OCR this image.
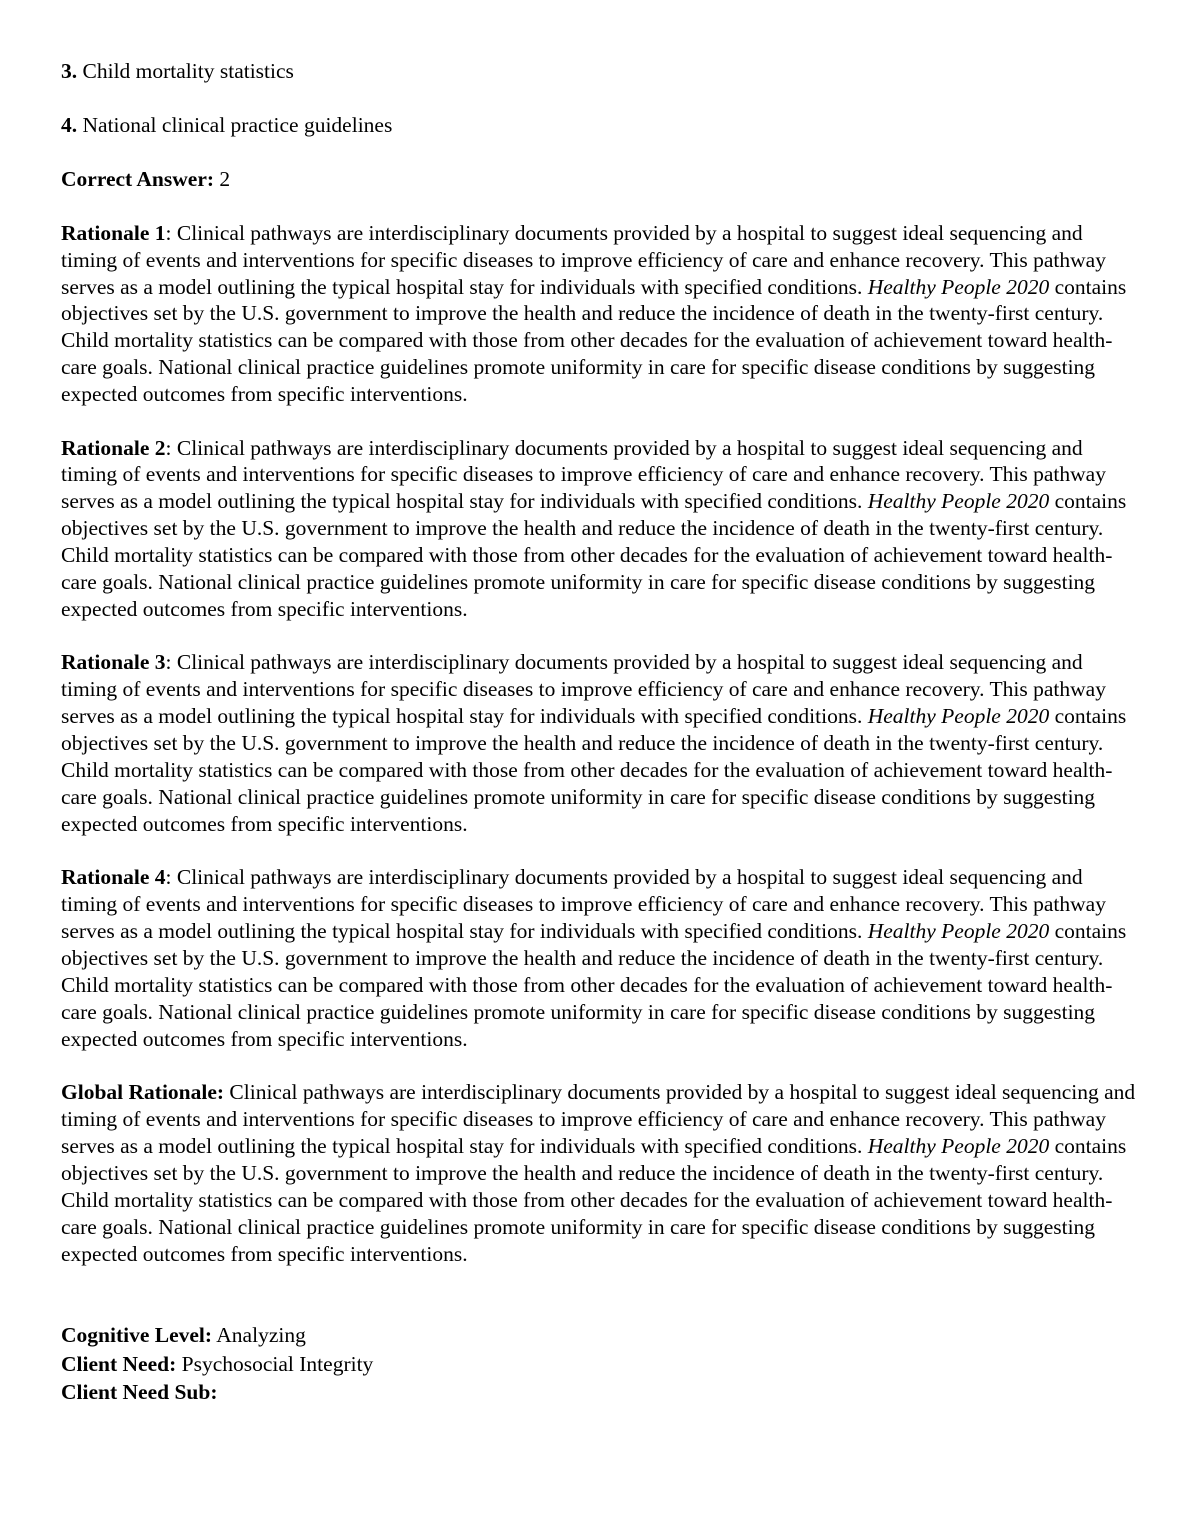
3. Child mortality statistics

4. National clinical practice guidelines

Correct Answer: 2

Rationale 1: Clinical pathways are interdisciplinary documents provided by a hospital to suggest ideal sequencing and timing of events and interventions for specific diseases to improve efficiency of care and enhance recovery. This pathway serves as a model outlining the typical hospital stay for individuals with specified conditions. Healthy People 2020 contains objectives set by the U.S. government to improve the health and reduce the incidence of death in the twenty-first century. Child mortality statistics can be compared with those from other decades for the evaluation of achievement toward health-care goals. National clinical practice guidelines promote uniformity in care for specific disease conditions by suggesting expected outcomes from specific interventions.

Rationale 2: Clinical pathways are interdisciplinary documents provided by a hospital to suggest ideal sequencing and timing of events and interventions for specific diseases to improve efficiency of care and enhance recovery. This pathway serves as a model outlining the typical hospital stay for individuals with specified conditions. Healthy People 2020 contains objectives set by the U.S. government to improve the health and reduce the incidence of death in the twenty-first century. Child mortality statistics can be compared with those from other decades for the evaluation of achievement toward health-care goals. National clinical practice guidelines promote uniformity in care for specific disease conditions by suggesting expected outcomes from specific interventions.

Rationale 3: Clinical pathways are interdisciplinary documents provided by a hospital to suggest ideal sequencing and timing of events and interventions for specific diseases to improve efficiency of care and enhance recovery. This pathway serves as a model outlining the typical hospital stay for individuals with specified conditions. Healthy People 2020 contains objectives set by the U.S. government to improve the health and reduce the incidence of death in the twenty-first century. Child mortality statistics can be compared with those from other decades for the evaluation of achievement toward health-care goals. National clinical practice guidelines promote uniformity in care for specific disease conditions by suggesting expected outcomes from specific interventions.

Rationale 4: Clinical pathways are interdisciplinary documents provided by a hospital to suggest ideal sequencing and timing of events and interventions for specific diseases to improve efficiency of care and enhance recovery. This pathway serves as a model outlining the typical hospital stay for individuals with specified conditions. Healthy People 2020 contains objectives set by the U.S. government to improve the health and reduce the incidence of death in the twenty-first century. Child mortality statistics can be compared with those from other decades for the evaluation of achievement toward health-care goals. National clinical practice guidelines promote uniformity in care for specific disease conditions by suggesting expected outcomes from specific interventions.

Global Rationale: Clinical pathways are interdisciplinary documents provided by a hospital to suggest ideal sequencing and timing of events and interventions for specific diseases to improve efficiency of care and enhance recovery. This pathway serves as a model outlining the typical hospital stay for individuals with specified conditions. Healthy People 2020 contains objectives set by the U.S. government to improve the health and reduce the incidence of death in the twenty-first century. Child mortality statistics can be compared with those from other decades for the evaluation of achievement toward health-care goals. National clinical practice guidelines promote uniformity in care for specific disease conditions by suggesting expected outcomes from specific interventions.

Cognitive Level: Analyzing

Client Need: Psychosocial Integrity

Client Need Sub:
